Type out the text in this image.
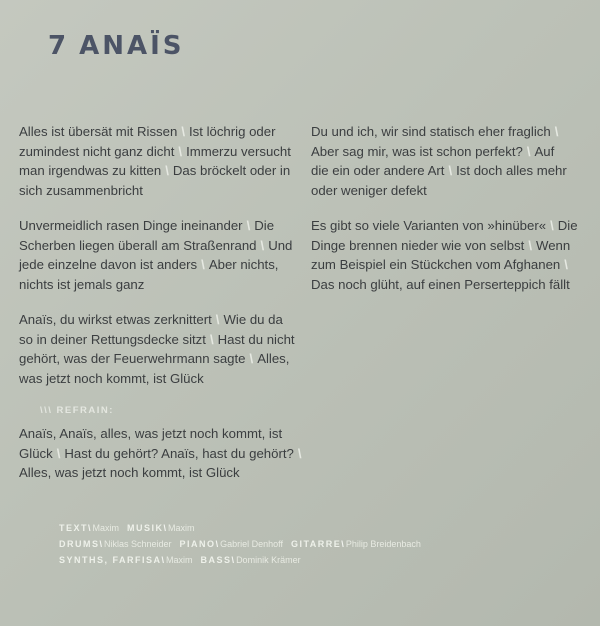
7 ANAÏS
Alles ist übersät mit Rissen \ Ist löchrig oder
zumindest nicht ganz dicht \ Immerzu versucht
man irgendwas zu kitten \ Das bröckelt oder in
sich zusammenbricht
Unvermeidlich rasen Dinge ineinander \ Die
Scherben liegen überall am Straßenrand \ Und
jede einzelne davon ist anders \ Aber nichts,
nichts ist jemals ganz
Anaïs, du wirkst etwas zerknittert \ Wie du da
so in deiner Rettungsdecke sitzt \ Hast du nicht
gehört, was der Feuerwehrmann sagte \ Alles,
was jetzt noch kommt, ist Glück
\\\ REFRAIN:
Anaïs, Anaïs, alles, was jetzt noch kommt, ist
Glück \ Hast du gehört? Anaïs, hast du gehört? \
Alles, was jetzt noch kommt, ist Glück
Du und ich, wir sind statisch eher fraglich \
Aber sag mir, was ist schon perfekt? \ Auf
die ein oder andere Art \ Ist doch alles mehr
oder weniger defekt
Es gibt so viele Varianten von »hinüber« \ Die
Dinge brennen nieder wie von selbst \ Wenn
zum Beispiel ein Stückchen vom Afghanen \
Das noch glüht, auf einen Perserteppich fällt
TEXT\ Maxim MUSIK\ Maxim
DRUMS\ Niklas Schneider PIANO\ Gabriel Denhoff GITARRE\ Philip Breidenbach
SYNTHS, FARFISA\ Maxim BASS\ Dominik Krämer
